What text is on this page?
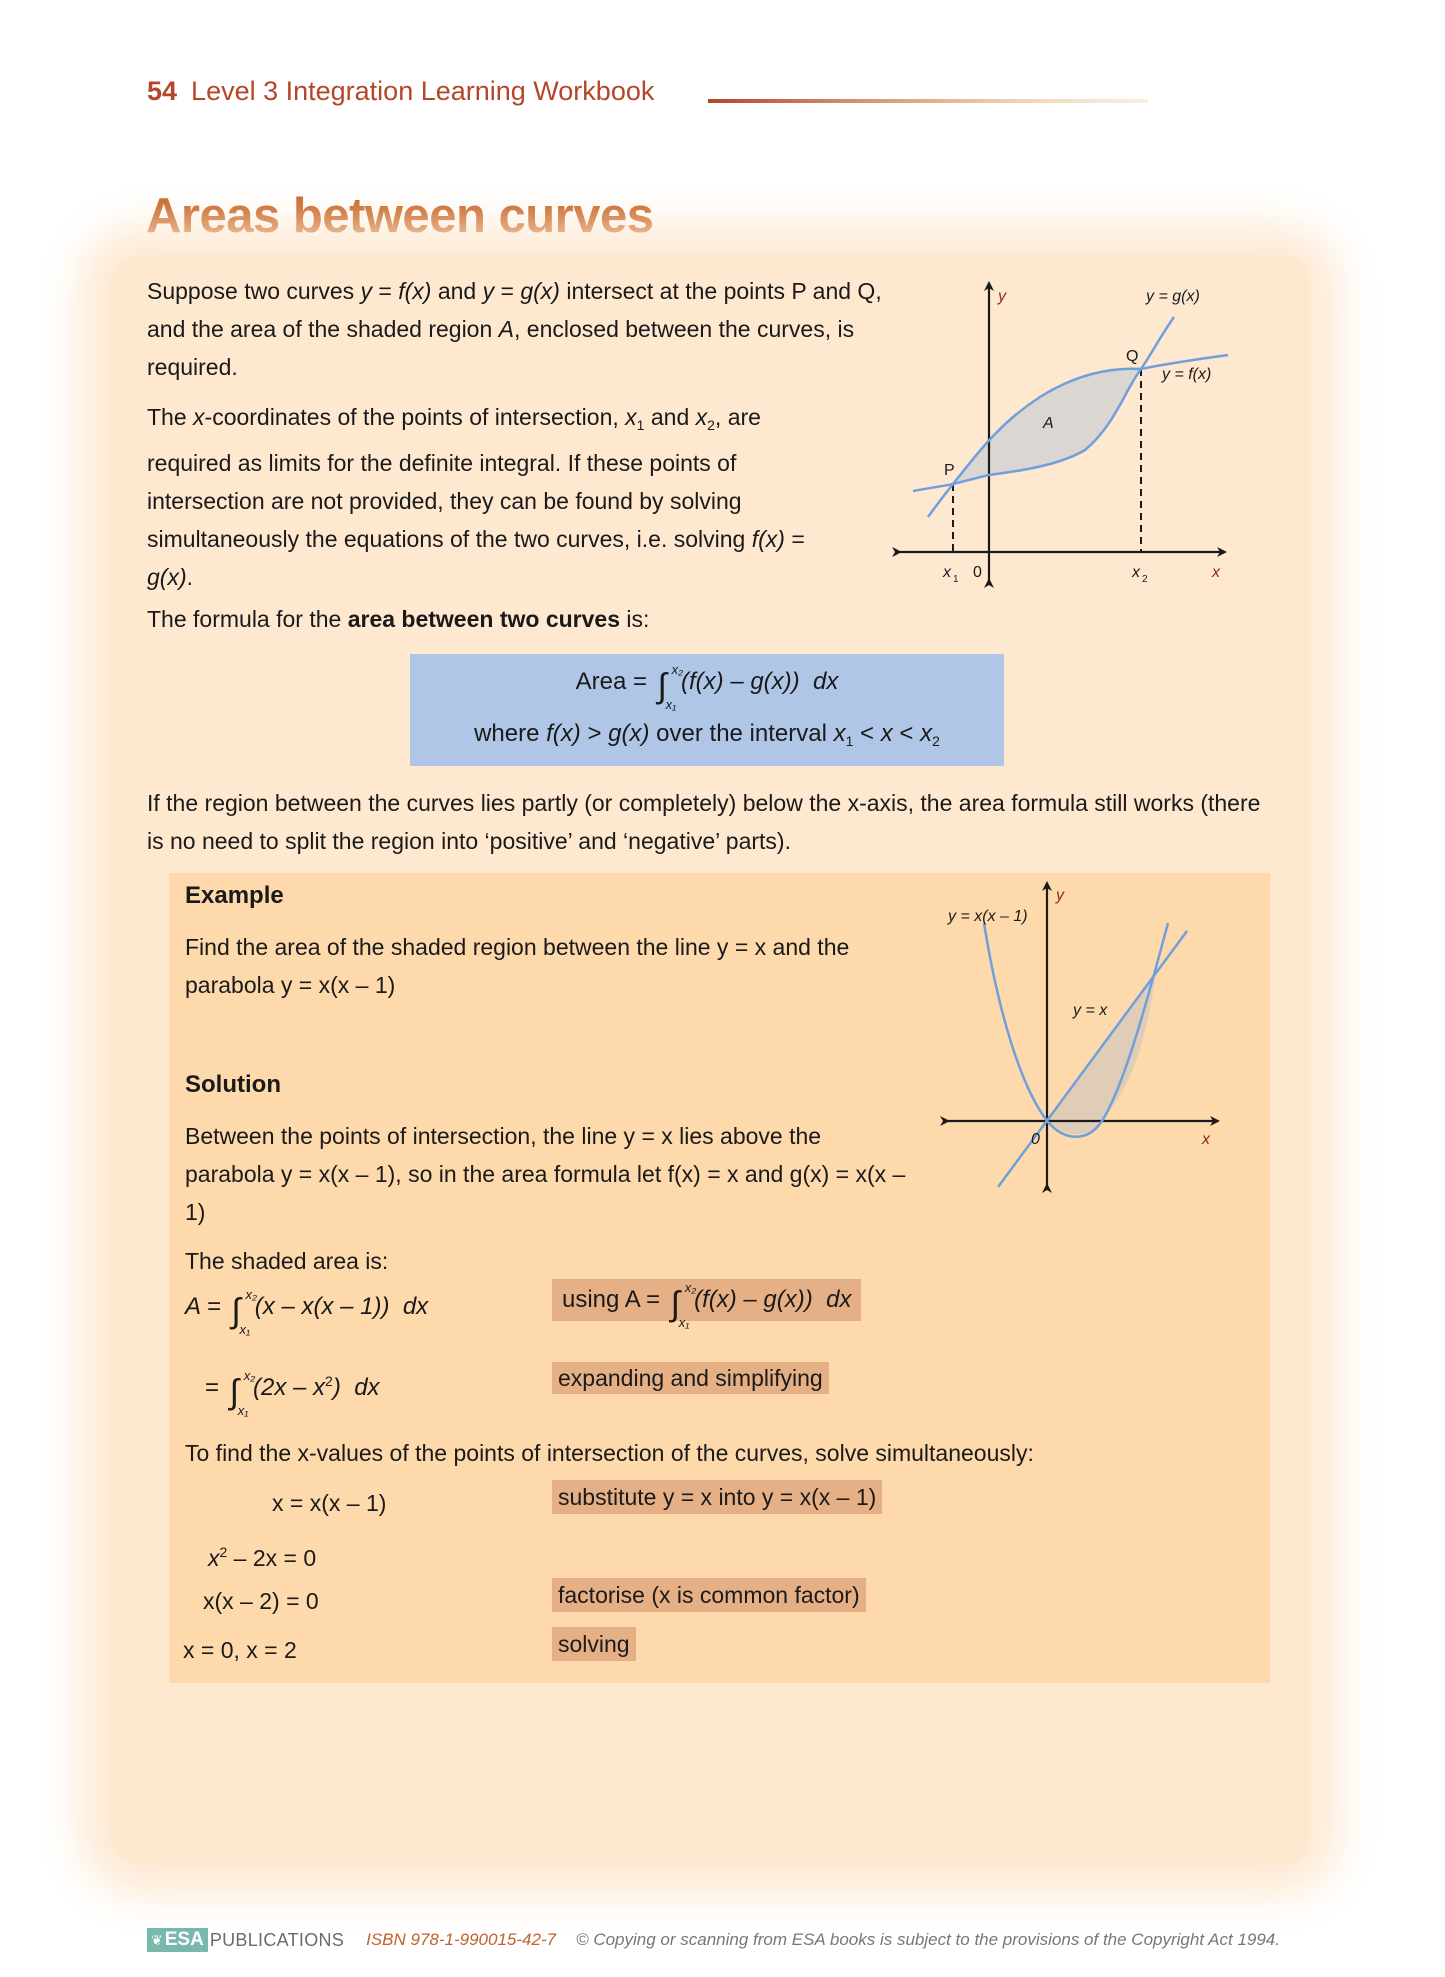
54 Level 3 Integration Learning Workbook
Areas between curves
Suppose two curves y = f(x) and y = g(x) intersect at the points P and Q, and the area of the shaded region A, enclosed between the curves, is required.
The x-coordinates of the points of intersection, $x_1$ and $x_2$, are required as limits for the definite integral. If these points of intersection are not provided, they can be found by solving simultaneously the equations of the two curves, i.e. solving f(x) = g(x).
The formula for the area between two curves is:
Area = ∫ x₂
x₁
(f(x) – g(x)) dx
where f(x) > g(x) over the interval $x_1 < x < x_2$
If the region between the curves lies partly (or completely) below the x-axis, the area formula still works (there is no need to split the region into ‘positive’ and ‘negative’ parts).
y
x
0
y = g(x)
y = f(x)
P
Q
A
x 1	x 2
Example
Find the area of the shaded region between the line y = x and the parabola y = x(x – 1)
Solution
Between the points of intersection, the line y = x lies above the parabola y = x(x – 1), so in the area formula let f(x) = x and g(x) = x(x – 1)
The shaded area is:
A = ∫ x₂
x₁
(x – x(x – 1)) dx	using A = ∫ x₂
x₁
(f(x) – g(x)) dx
= ∫ x₂
x₁
$(2x - x^2)$ dx	expanding and simplifying
To find the x-values of the points of intersection of the curves, solve simultaneously:
x = x(x – 1)	substitute y = x into y = x(x – 1)
$x^2 - 2x = 0$
x(x – 2) = 0	factorise (x is common factor)
x = 0, x = 2	solving
y = x(x – 1)
y = x
y
x
0
❦ ESA PUBLICATIONS ISBN 978-1-990015-42-7 © Copying or scanning from ESA books is subject to the provisions of the Copyright Act 1994.
